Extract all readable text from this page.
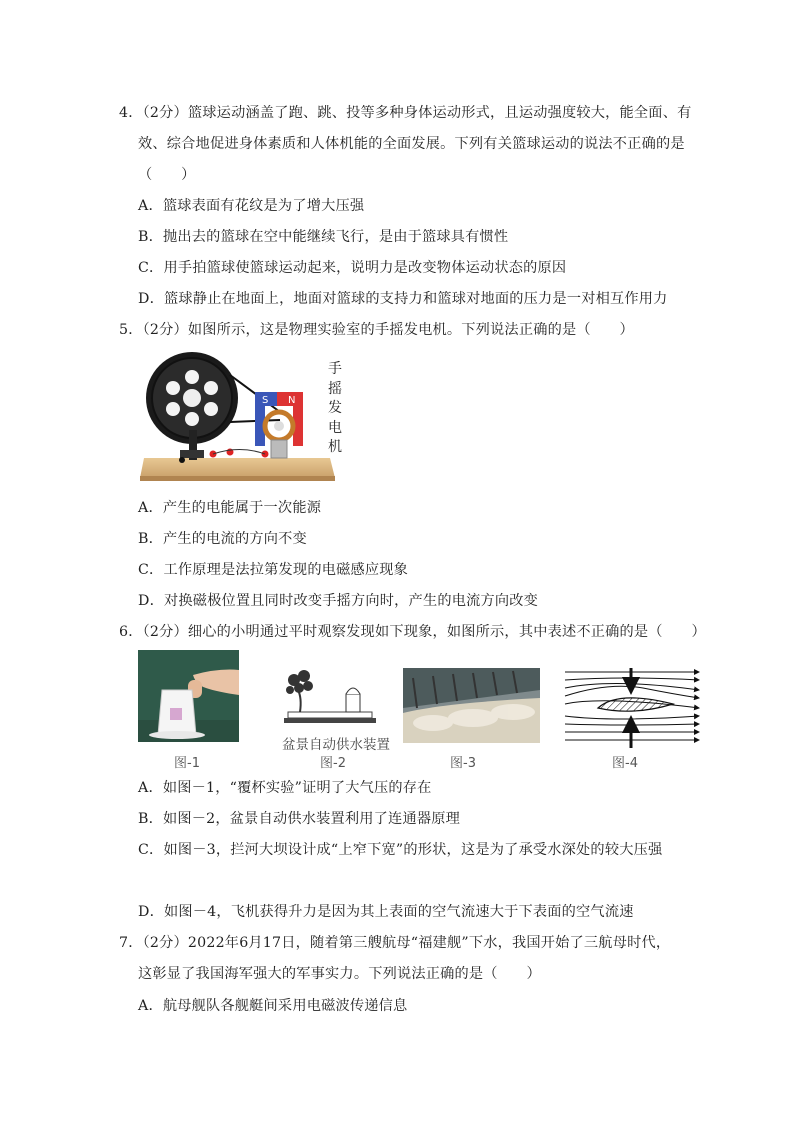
4．（2分）篮球运动涵盖了跑、跳、投等多种身体运动形式，且运动强度较大，能全面、有
效、综合地促进身体素质和人体机能的全面发展。下列有关篮球运动的说法不正确的是
（　　）
A．篮球表面有花纹是为了增大压强
B．抛出去的篮球在空中能继续飞行，是由于篮球具有惯性
C．用手拍篮球使篮球运动起来，说明力是改变物体运动状态的原因
D．篮球静止在地面上，地面对篮球的支持力和篮球对地面的压力是一对相互作用力
5．（2分）如图所示，这是物理实验室的手摇发电机。下列说法正确的是（　　）
S N
手
摇
发
电
机
A．产生的电能属于一次能源
B．产生的电流的方向不变
C．工作原理是法拉第发现的电磁感应现象
D．对换磁极位置且同时改变手摇方向时，产生的电流方向改变
6．（2分）细心的小明通过平时观察发现如下现象，如图所示，其中表述不正确的是（　　）
图-1
盆景自动供水装置
图-2	图-3	图-4
A．如图－1，“覆杯实验”证明了大气压的存在
B．如图－2，盆景自动供水装置利用了连通器原理
C．如图－3，拦河大坝设计成“上窄下宽”的形状，这是为了承受水深处的较大压强
D．如图－4，飞机获得升力是因为其上表面的空气流速大于下表面的空气流速
7．（2分）2022年6月17日，随着第三艘航母“福建舰”下水，我国开始了三航母时代，
这彰显了我国海军强大的军事实力。下列说法正确的是（　　）
A．航母舰队各舰艇间采用电磁波传递信息
